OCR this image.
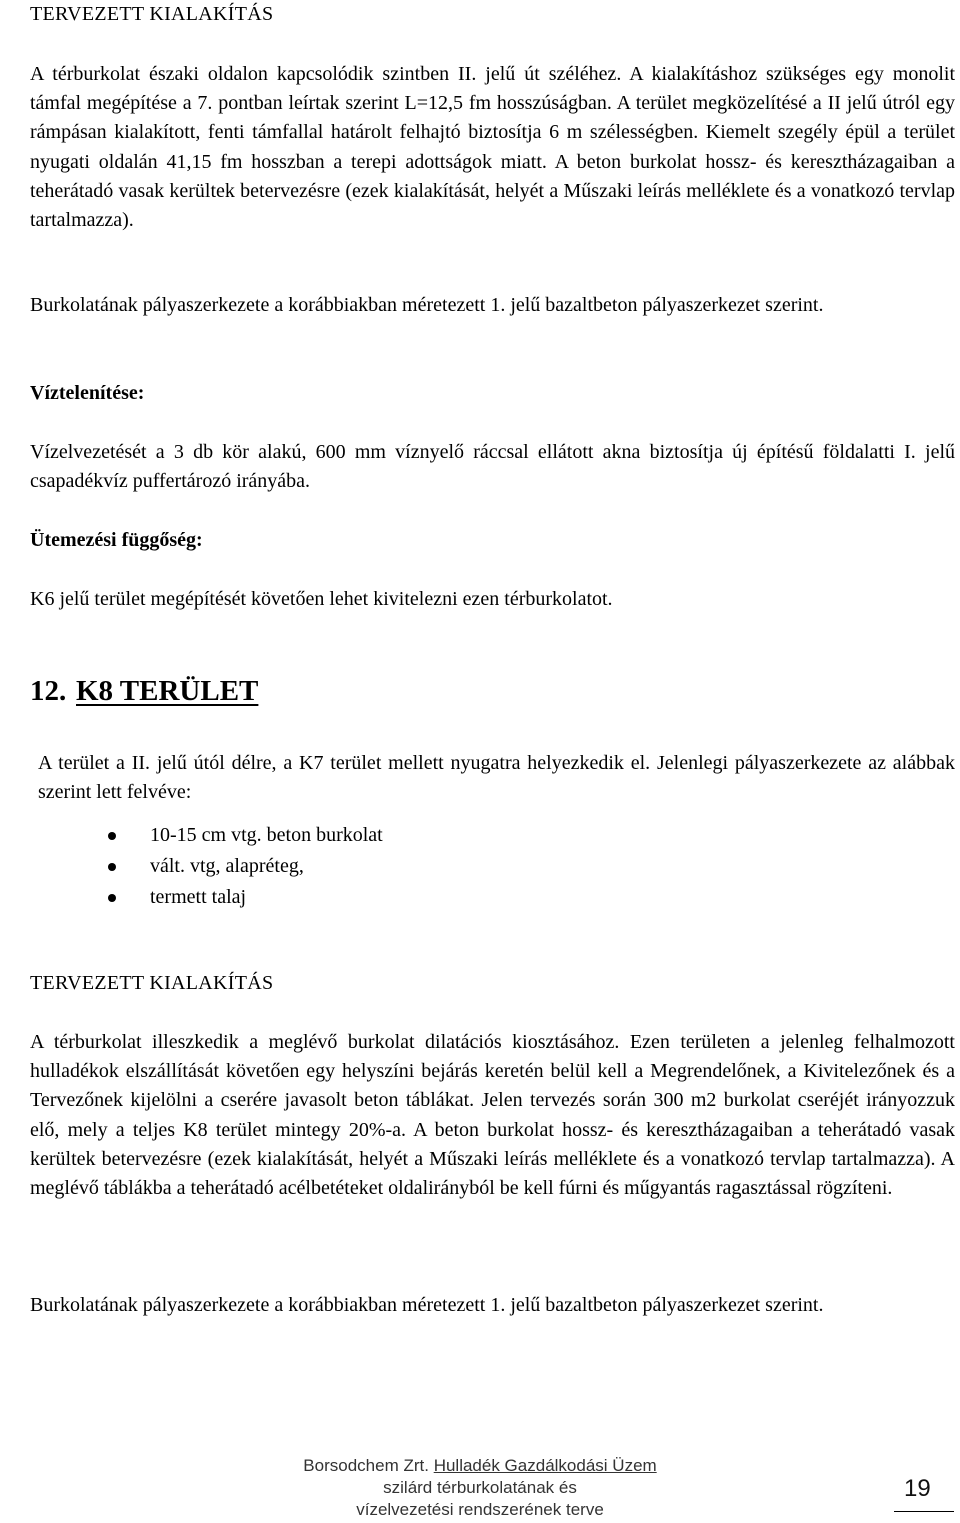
TERVEZETT KIALAKÍTÁS

A térburkolat északi oldalon kapcsolódik szintben II. jelű út széléhez. A kialakításhoz szükséges egy monolit támfal megépítése a 7. pontban leírtak szerint L=12,5 fm hosszúságban. A terület megközelítésé a II jelű útról egy rámpásan kialakított, fenti támfallal határolt felhajtó biztosítja 6 m szélességben. Kiemelt szegély épül a terület nyugati oldalán 41,15 fm hosszban a terepi adottságok miatt. A beton burkolat hossz- és keresztházagaiban a teherátadó vasak kerültek betervezésre (ezek kialakítását, helyét a Műszaki leírás melléklete és a vonatkozó tervlap tartalmazza).

Burkolatának pályaszerkezete a korábbiakban méretezett 1. jelű bazaltbeton pályaszerkezet szerint.

Víztelenítése:

Vízelvezetését a 3 db kör alakú, 600 mm víznyelő ráccsal ellátott akna biztosítja új építésű földalatti I. jelű csapadékvíz puffertározó irányába.

Ütemezési függőség:

K6 jelű terület megépítését követően lehet kivitelezni ezen térburkolatot.

12. K8 TERÜLET

A terület a II. jelű útól délre, a K7 terület mellett nyugatra helyezkedik el. Jelenlegi pályaszerkezete az alábbak szerint lett felvéve:

10-15 cm vtg. beton burkolat
vált. vtg, alapréteg,
termett talaj
TERVEZETT KIALAKÍTÁS

A térburkolat illeszkedik a meglévő burkolat dilatációs kiosztásához. Ezen területen a jelenleg felhalmozott hulladékok elszállítását követően egy helyszíni bejárás keretén belül kell a Megrendelőnek, a Kivitelezőnek és a Tervezőnek kijelölni a cserére javasolt beton táblákat. Jelen tervezés során 300 m2 burkolat cseréjét irányozzuk elő, mely a teljes K8 terület mintegy 20%-a. A beton burkolat hossz- és keresztházagaiban a teherátadó vasak kerültek betervezésre (ezek kialakítását, helyét a Műszaki leírás melléklete és a vonatkozó tervlap tartalmazza). A meglévő táblákba a teherátadó acélbetéteket oldalirányból be kell fúrni és műgyantás ragasztással rögzíteni.

Burkolatának pályaszerkezete a korábbiakban méretezett 1. jelű bazaltbeton pályaszerkezet szerint.

Borsodchem Zrt. Hulladék Gazdálkodási Üzem
szilárd térburkolatának és
vízelvezetési rendszerének terve
19
